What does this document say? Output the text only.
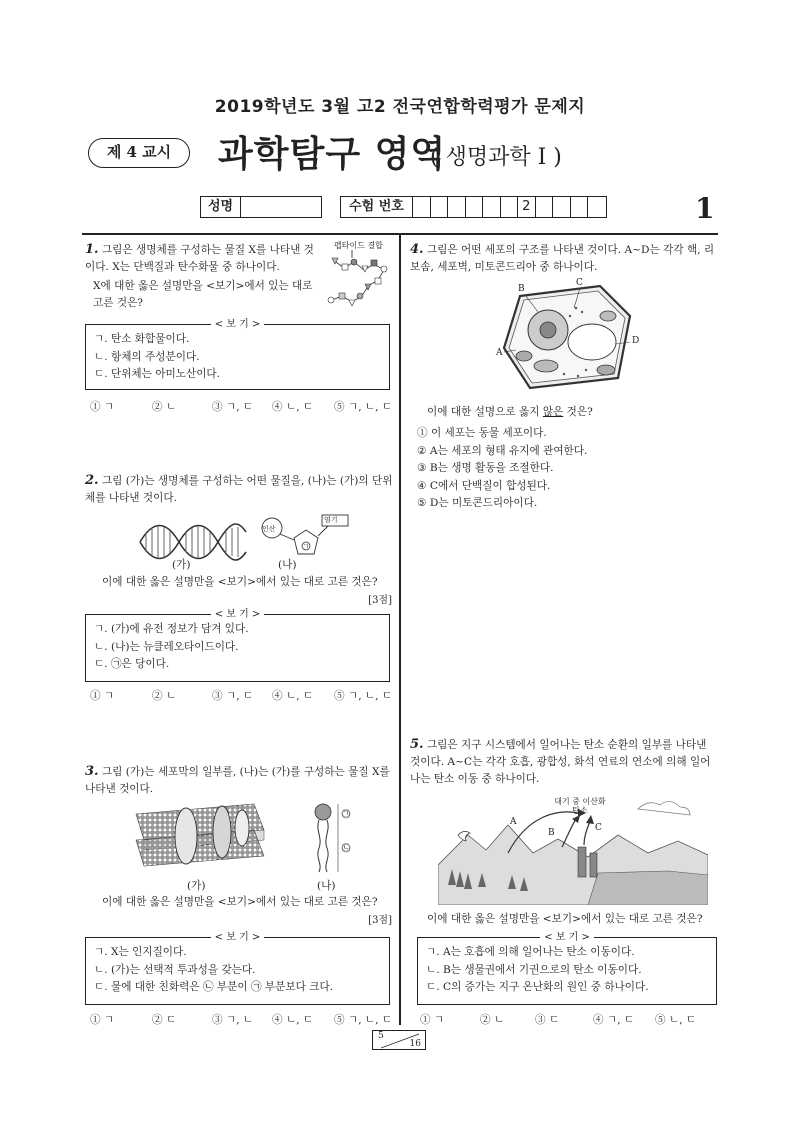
2019학년도 3월 고2 전국연합학력평가 문제지
제 4 교시	과학탐구 영역
( 생명과학 Ⅰ )
1
성명	수험 번호	2
1. 그림은 생명체를 구성하는 물질 X를 나타낸 것이다. X는 단백질과 탄수화물 중 하나이다.
X에 대한 옳은 설명만을 <보기>에서 있는 대로 고른 것은?
펩타이드 결합
< 보 기 >
ㄱ. 탄소 화합물이다.
ㄴ. 항체의 주성분이다.
ㄷ. 단위체는 아미노산이다.
① ㄱ	② ㄴ	③ ㄱ, ㄷ	④ ㄴ, ㄷ	⑤ ㄱ, ㄴ, ㄷ
2. 그림 (가)는 생명체를 구성하는 어떤 물질을, (나)는 (가)의 단위체를 나타낸 것이다.
인산
염기
㉠
(가)	(나)
이에 대한 옳은 설명만을 <보기>에서 있는 대로 고른 것은?
[3점]
< 보 기 >
ㄱ. (가)에 유전 정보가 담겨 있다.
ㄴ. (나)는 뉴클레오타이드이다.
ㄷ. ㉠은 당이다.
① ㄱ	② ㄴ	③ ㄱ, ㄷ	④ ㄴ, ㄷ	⑤ ㄱ, ㄴ, ㄷ
3. 그림 (가)는 세포막의 일부를, (나)는 (가)를 구성하는 물질 X를 나타낸 것이다.
㉠
㉡
(가)	(나)
이에 대한 옳은 설명만을 <보기>에서 있는 대로 고른 것은?
[3점]
< 보 기 >
ㄱ. X는 인지질이다.
ㄴ. (가)는 선택적 투과성을 갖는다.
ㄷ. 물에 대한 친화력은 ㉡ 부분이 ㉠ 부분보다 크다.
① ㄱ	② ㄷ	③ ㄱ, ㄴ	④ ㄴ, ㄷ	⑤ ㄱ, ㄴ, ㄷ
4. 그림은 어떤 세포의 구조를 나타낸 것이다. A~D는 각각 핵, 리보솜, 세포벽, 미토콘드리아 중 하나이다.
B
C
A
D
이에 대한 설명으로 옳지 않은 것은?
① 이 세포는 동물 세포이다.
② A는 세포의 형태 유지에 관여한다.
③ B는 생명 활동을 조절한다.
④ C에서 단백질이 합성된다.
⑤ D는 미토콘드리아이다.
5. 그림은 지구 시스템에서 일어나는 탄소 순환의 일부를 나타낸 것이다. A~C는 각각 호흡, 광합성, 화석 연료의 연소에 의해 일어나는 탄소 이동 중 하나이다.
대기 중 이산화 탄소
A
B	C
이에 대한 옳은 설명만을 <보기>에서 있는 대로 고른 것은?
< 보 기 >
ㄱ. A는 호흡에 의해 일어나는 탄소 이동이다.
ㄴ. B는 생물권에서 기권으로의 탄소 이동이다.
ㄷ. C의 증가는 지구 온난화의 원인 중 하나이다.
① ㄱ	② ㄴ	③ ㄷ	④ ㄱ, ㄷ	⑤ ㄴ, ㄷ
5
16
